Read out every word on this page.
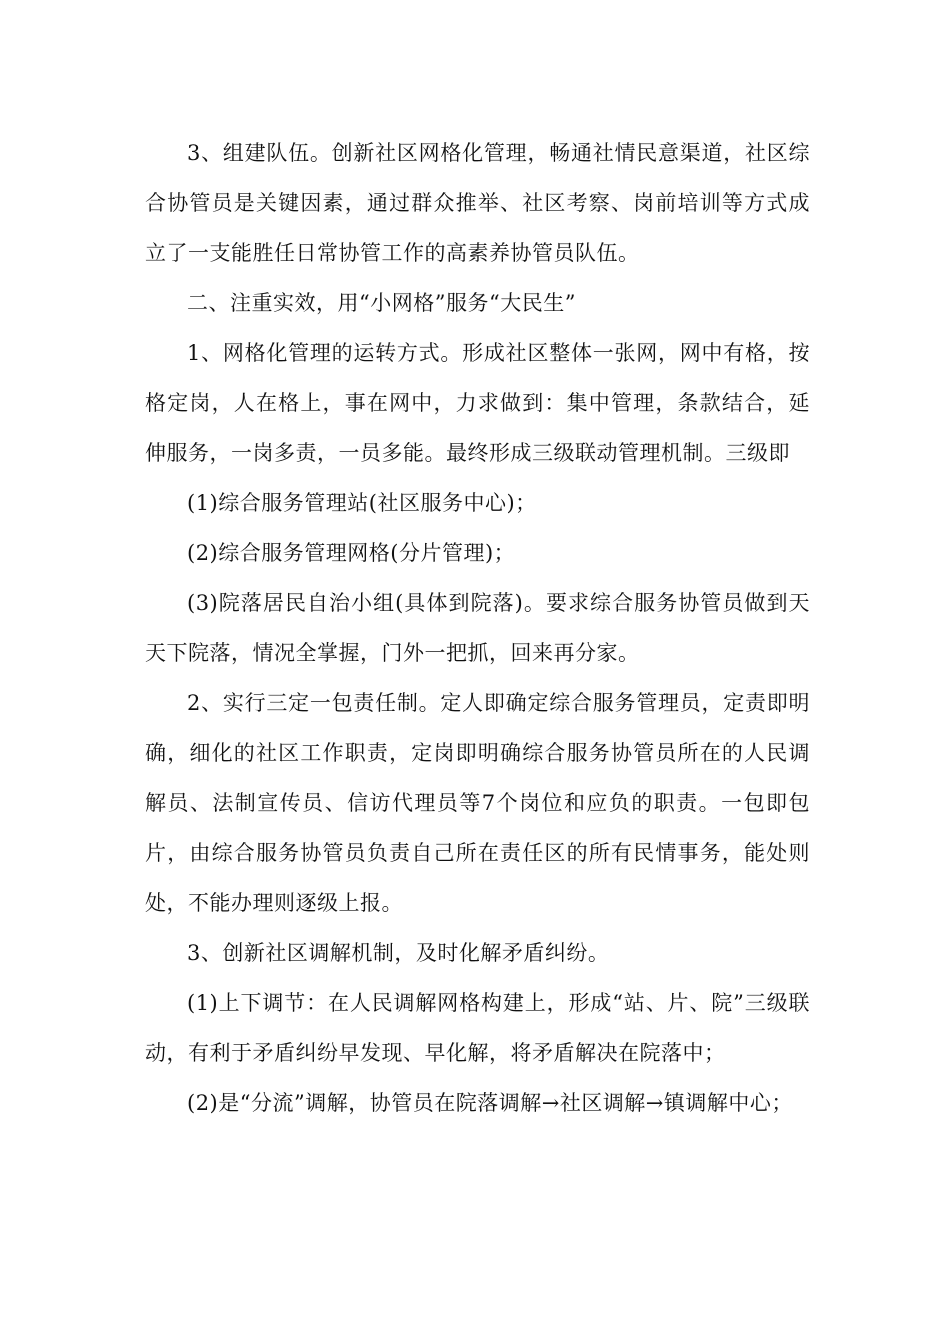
3、组建队伍。创新社区网格化管理，畅通社情民意渠道，社区综合协管员是关键因素，通过群众推举、社区考察、岗前培训等方式成立了一支能胜任日常协管工作的高素养协管员队伍。

二、注重实效，用“小网格”服务“大民生”

1、网格化管理的运转方式。形成社区整体一张网，网中有格，按格定岗，人在格上，事在网中，力求做到：集中管理，条款结合，延伸服务，一岗多责，一员多能。最终形成三级联动管理机制。三级即

(1)综合服务管理站(社区服务中心)；

(2)综合服务管理网格(分片管理)；

(3)院落居民自治小组(具体到院落)。要求综合服务协管员做到天天下院落，情况全掌握，门外一把抓，回来再分家。

2、实行三定一包责任制。定人即确定综合服务管理员，定责即明确，细化的社区工作职责，定岗即明确综合服务协管员所在的人民调解员、法制宣传员、信访代理员等7个岗位和应负的职责。一包即包片，由综合服务协管员负责自己所在责任区的所有民情事务，能处则处，不能办理则逐级上报。

3、创新社区调解机制，及时化解矛盾纠纷。

(1)上下调节：在人民调解网格构建上，形成“站、片、院”三级联动，有利于矛盾纠纷早发现、早化解，将矛盾解决在院落中；

(2)是“分流”调解，协管员在院落调解→社区调解→镇调解中心；
